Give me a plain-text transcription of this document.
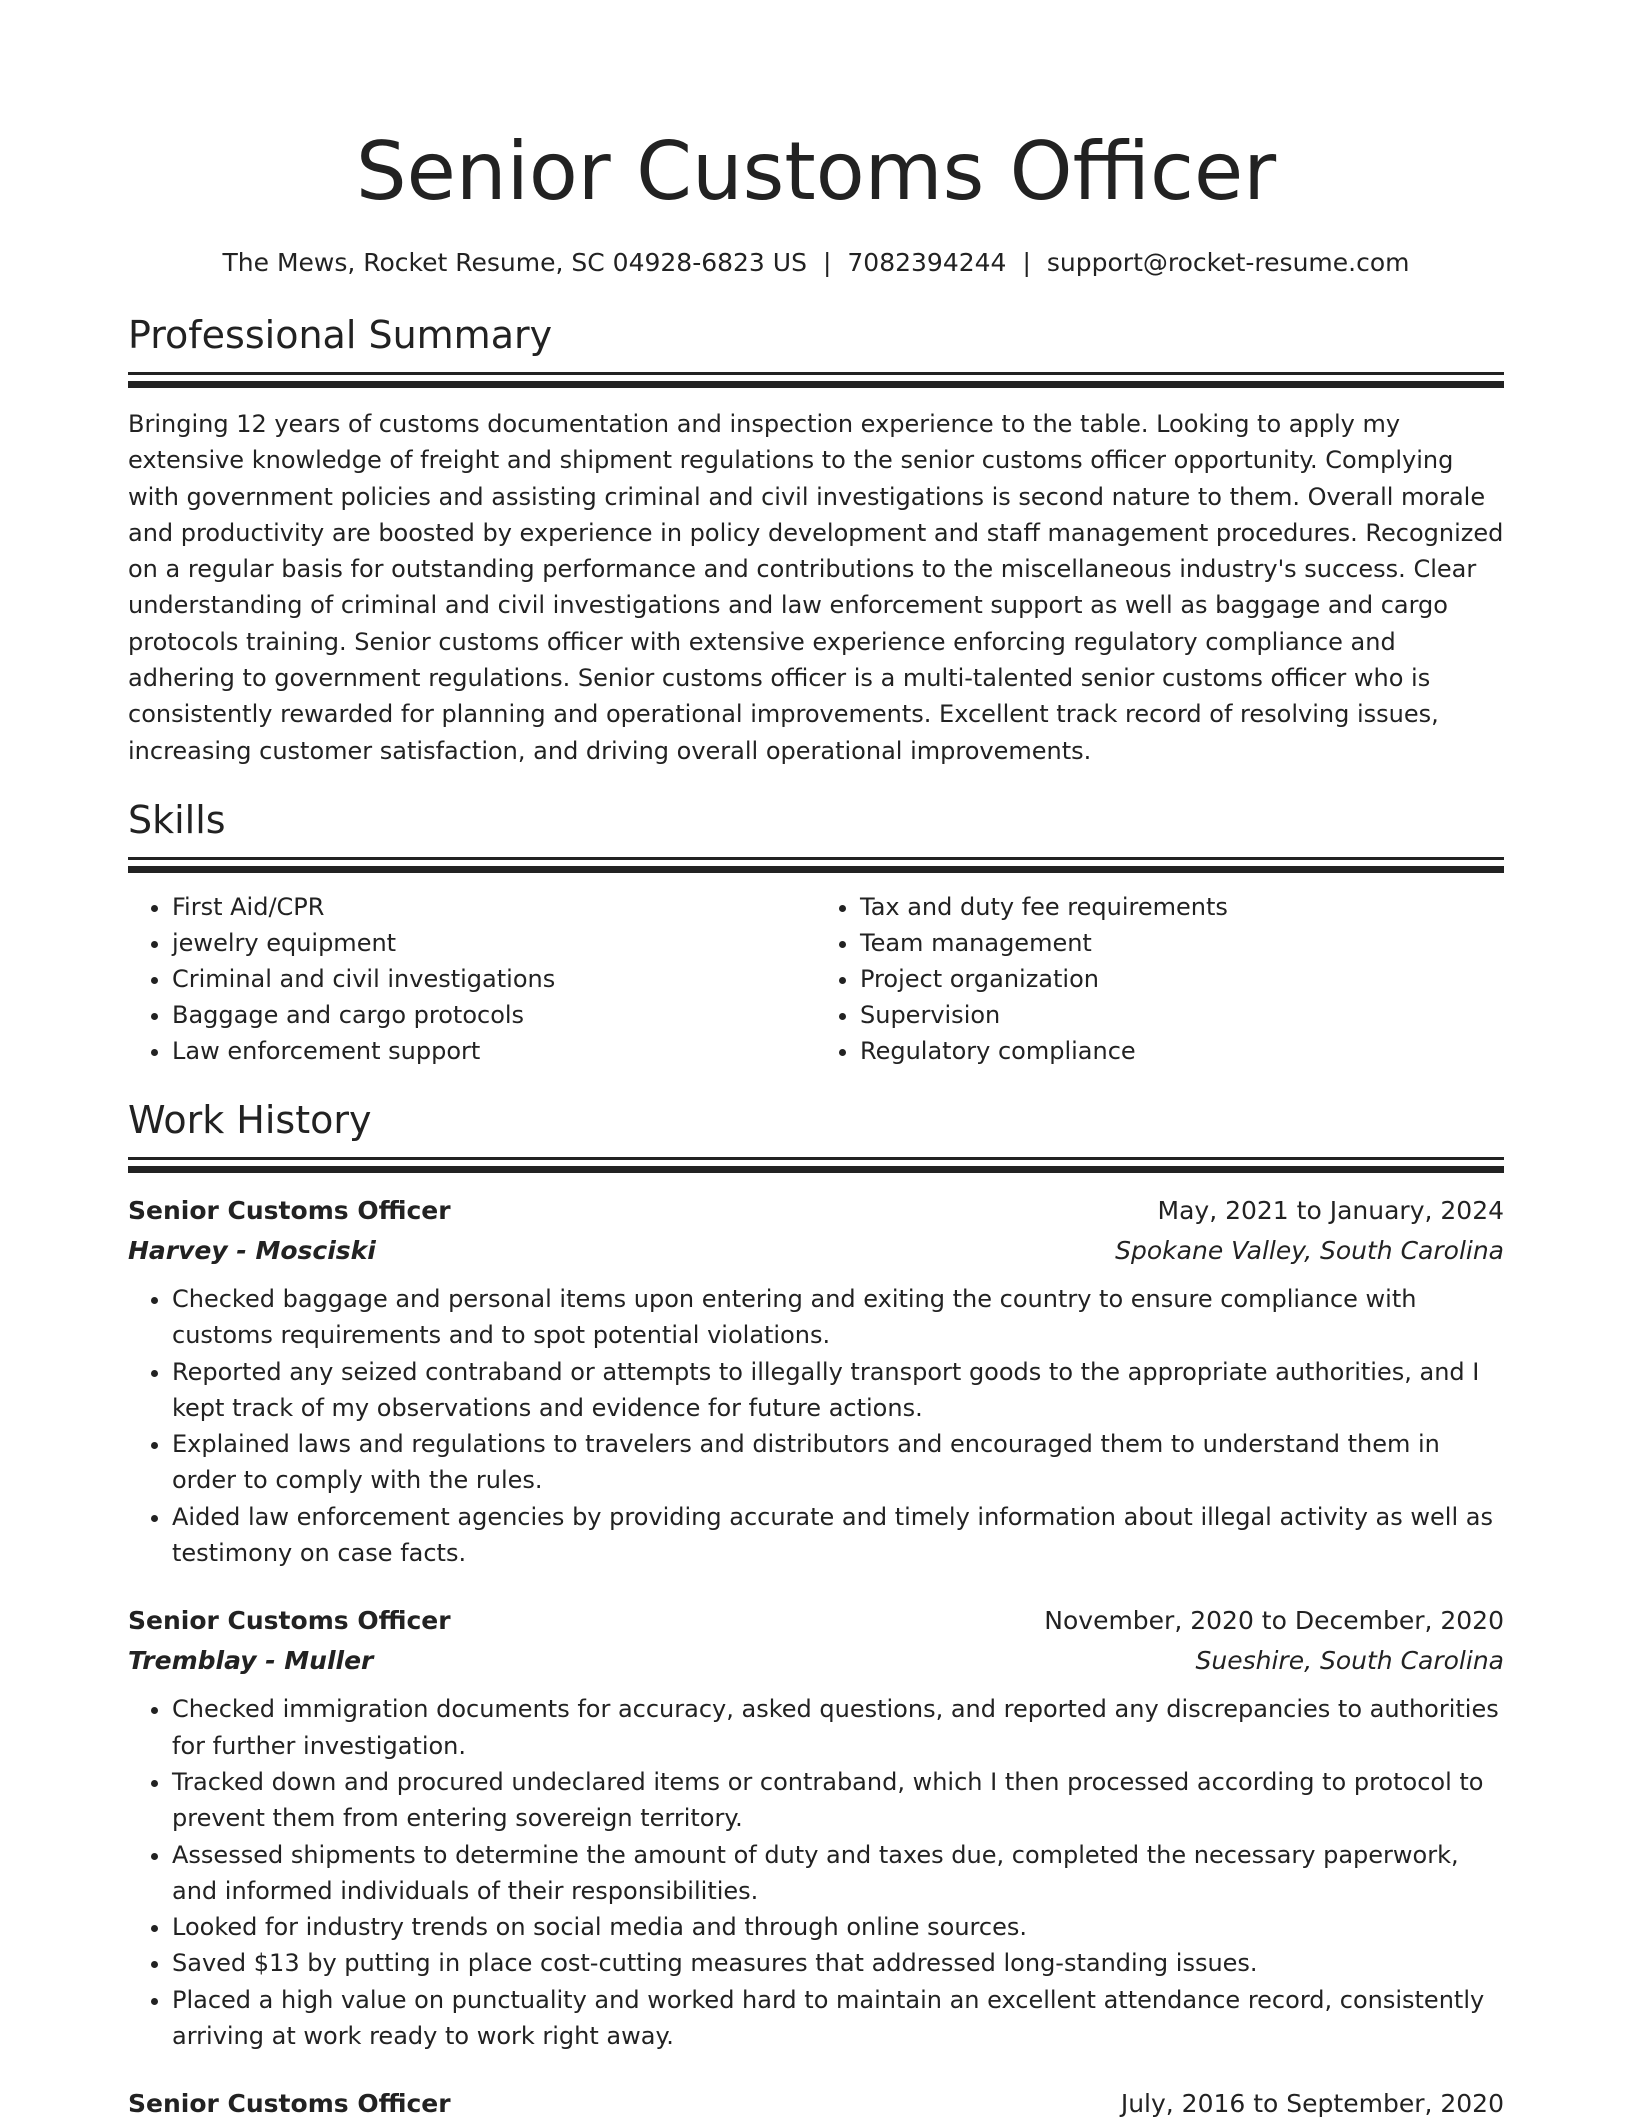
Senior Customs Officer
The Mews, Rocket Resume, SC 04928-6823 US | 7082394244 | support@rocket-resume.com
Professional Summary

Bringing 12 years of customs documentation and inspection experience to the table. Looking to apply my extensive knowledge of freight and shipment regulations to the senior customs officer opportunity. Complying with government policies and assisting criminal and civil investigations is second nature to them. Overall morale and productivity are boosted by experience in policy development and staff management procedures. Recognized on a regular basis for outstanding performance and contributions to the miscellaneous industry's success. Clear understanding of criminal and civil investigations and law enforcement support as well as baggage and cargo protocols training. Senior customs officer with extensive experience enforcing regulatory compliance and adhering to government regulations. Senior customs officer is a multi-talented senior customs officer who is consistently rewarded for planning and operational improvements. Excellent track record of resolving issues, increasing customer satisfaction, and driving overall operational improvements.

Skills
• First Aid/CPR
• jewelry equipment
• Criminal and civil investigations
• Baggage and cargo protocols
• Law enforcement support
• Tax and duty fee requirements
• Team management
• Project organization
• Supervision
• Regulatory compliance
Work History
Senior Customs Officer	May, 2021 to January, 2024
Harvey - Mosciski	Spokane Valley, South Carolina
• Checked baggage and personal items upon entering and exiting the country to ensure compliance with customs requirements and to spot potential violations.
• Reported any seized contraband or attempts to illegally transport goods to the appropriate authorities, and I kept track of my observations and evidence for future actions.
• Explained laws and regulations to travelers and distributors and encouraged them to understand them in order to comply with the rules.
• Aided law enforcement agencies by providing accurate and timely information about illegal activity as well as testimony on case facts.
Senior Customs Officer	November, 2020 to December, 2020
Tremblay - Muller	Sueshire, South Carolina
• Checked immigration documents for accuracy, asked questions, and reported any discrepancies to authorities for further investigation.
• Tracked down and procured undeclared items or contraband, which I then processed according to protocol to prevent them from entering sovereign territory.
• Assessed shipments to determine the amount of duty and taxes due, completed the necessary paperwork, and informed individuals of their responsibilities.
• Looked for industry trends on social media and through online sources.
• Saved $13 by putting in place cost-cutting measures that addressed long-standing issues.
• Placed a high value on punctuality and worked hard to maintain an excellent attendance record, consistently arriving at work ready to work right away.
Senior Customs Officer	July, 2016 to September, 2020
